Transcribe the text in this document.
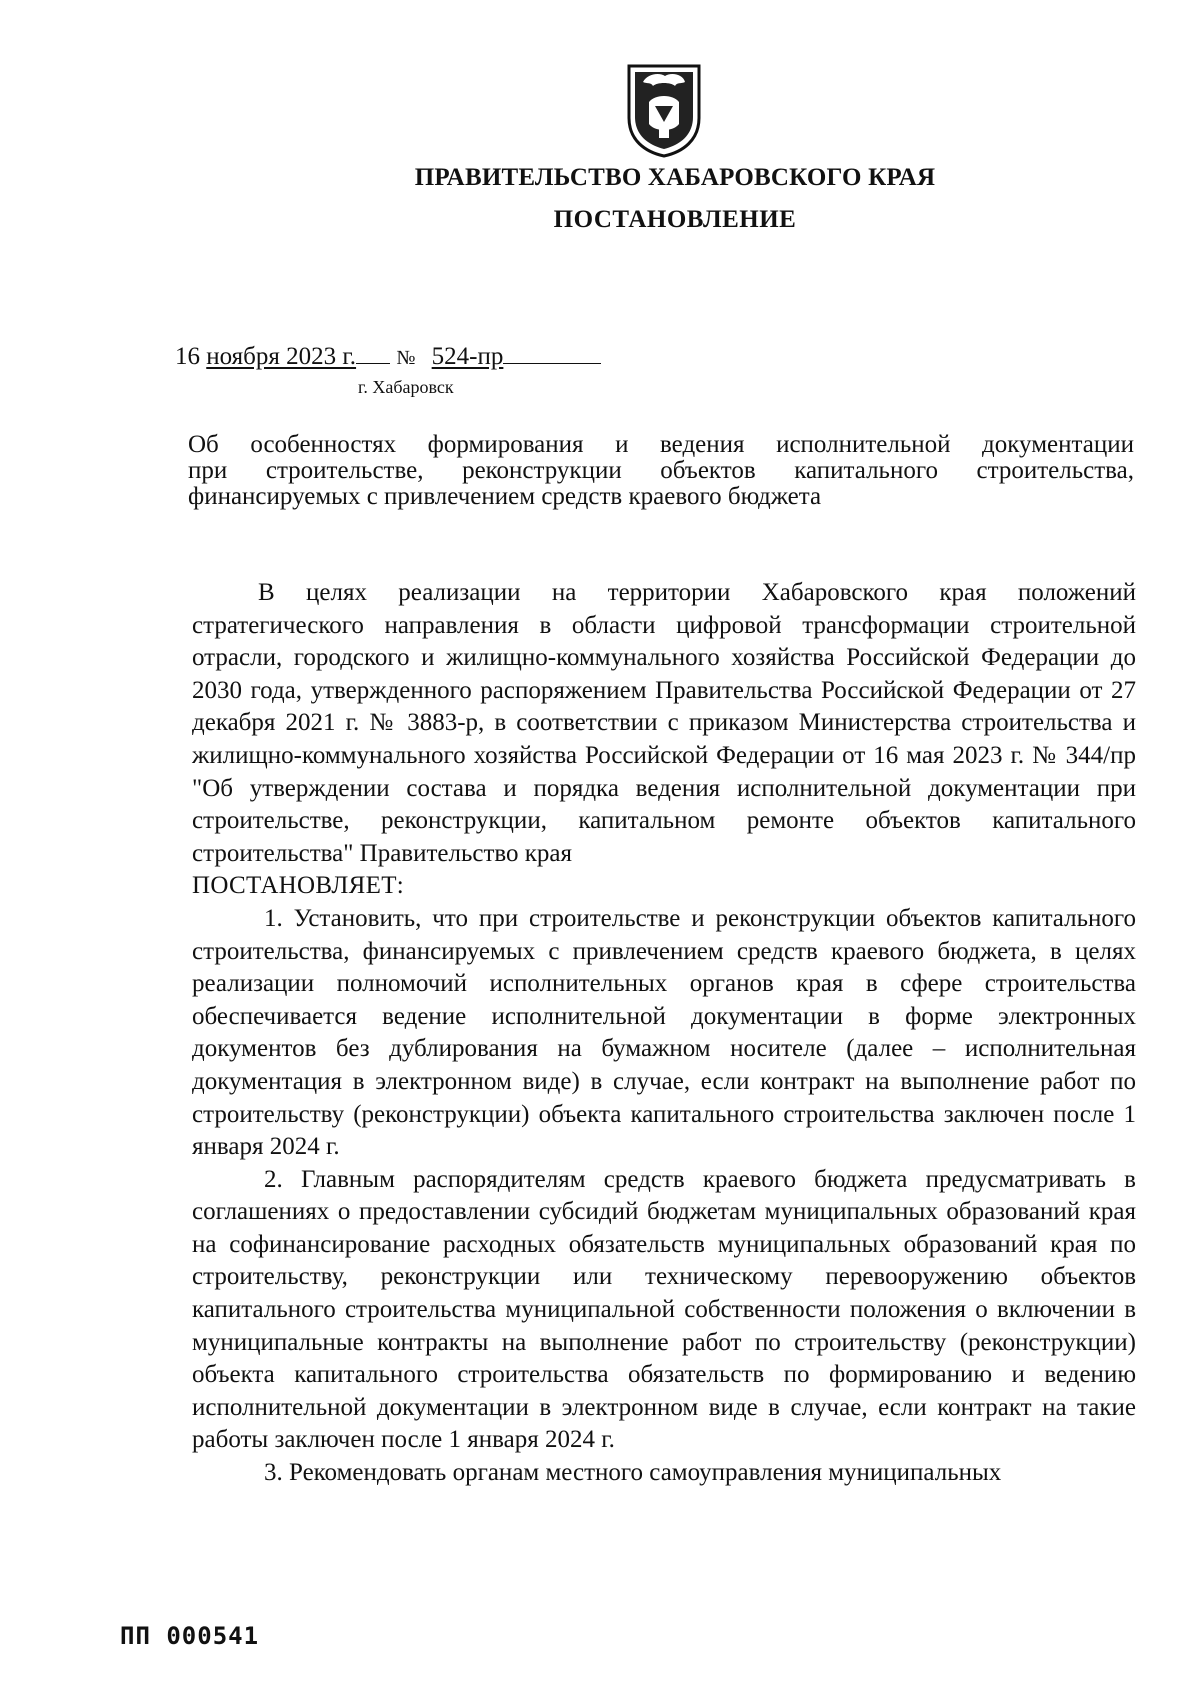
ПРАВИТЕЛЬСТВО ХАБАРОВСКОГО КРАЯ
ПОСТАНОВЛЕНИЕ
16 ноября 2023 г. № 524-пр
г. Хабаровск
Об особенностях формирования и ведения исполнительной документации
при строительстве, реконструкции объектов капитального строительства,
финансируемых с привлечением средств краевого бюджета

В целях реализации на территории Хабаровского края положений стратегического направления в области цифровой трансформации строительной отрасли, городского и жилищно-коммунального хозяйства Российской Федерации до 2030 года, утвержденного распоряжением Правительства Российской Федерации от 27 декабря 2021 г. № 3883-р, в соответствии с приказом Министерства строительства и жилищно-коммунального хозяйства Российской Федерации от 16 мая 2023 г. № 344/пр "Об утверждении состава и порядка ведения исполнительной документации при строительстве, реконструкции, капитальном ремонте объектов капитального строительства" Правительство края

ПОСТАНОВЛЯЕТ:

1. Установить, что при строительстве и реконструкции объектов капитального строительства, финансируемых с привлечением средств краевого бюджета, в целях реализации полномочий исполнительных органов края в сфере строительства обеспечивается ведение исполнительной документации в форме электронных документов без дублирования на бумажном носителе (далее – исполнительная документация в электронном виде) в случае, если контракт на выполнение работ по строительству (реконструкции) объекта капитального строительства заключен после 1 января 2024 г.

2. Главным распорядителям средств краевого бюджета предусматривать в соглашениях о предоставлении субсидий бюджетам муниципальных образований края на софинансирование расходных обязательств муниципальных образований края по строительству, реконструкции или техническому перевооружению объектов капитального строительства муниципальной собственности положения о включении в муниципальные контракты на выполнение работ по строительству (реконструкции) объекта капитального строительства обязательств по формированию и ведению исполнительной документации в электронном виде в случае, если контракт на такие работы заключен после 1 января 2024 г.

3. Рекомендовать органам местного самоуправления муниципальных

ПП 000541
